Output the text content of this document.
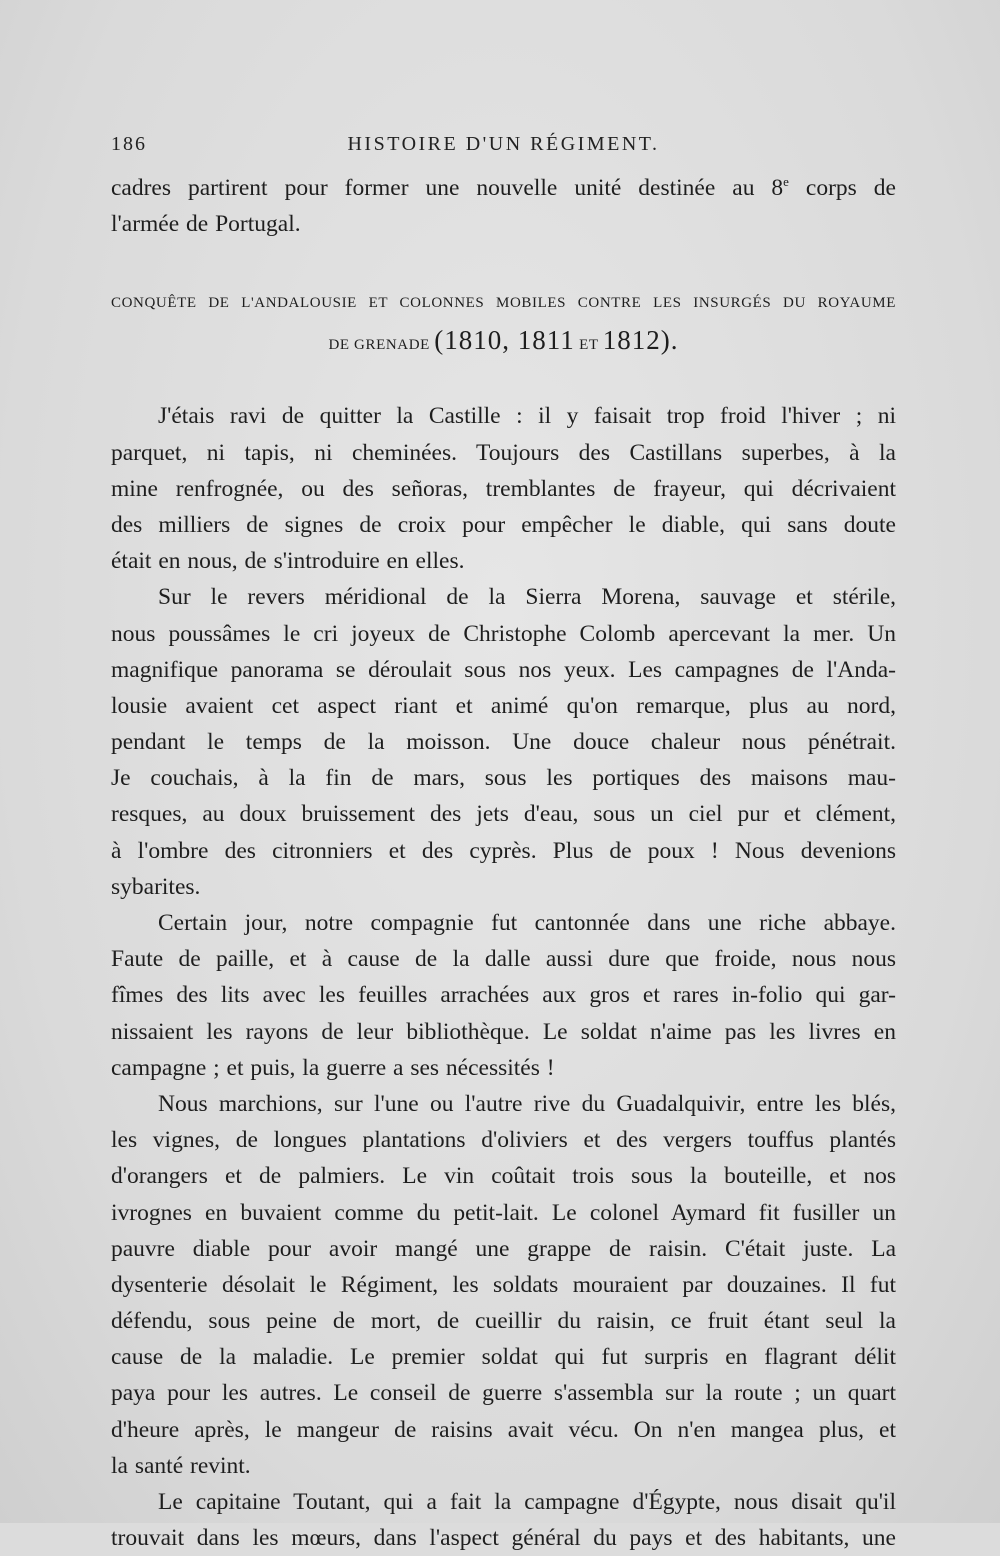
186	HISTOIRE D'UN RÉGIMENT.
cadres partirent pour former une nouvelle unité destinée au 8e corps de
l'armée de Portugal.
CONQUÊTE DE L'ANDALOUSIE ET COLONNES MOBILES CONTRE LES INSURGÉS DU ROYAUME
DE GRENADE (1810, 1811 ET 1812).
J'étais ravi de quitter la Castille : il y faisait trop froid l'hiver ; ni
parquet, ni tapis, ni cheminées. Toujours des Castillans superbes, à la
mine renfrognée, ou des señoras, tremblantes de frayeur, qui décrivaient
des milliers de signes de croix pour empêcher le diable, qui sans doute
était en nous, de s'introduire en elles.
Sur le revers méridional de la Sierra Morena, sauvage et stérile,
nous poussâmes le cri joyeux de Christophe Colomb apercevant la mer. Un
magnifique panorama se déroulait sous nos yeux. Les campagnes de l'Anda-
lousie avaient cet aspect riant et animé qu'on remarque, plus au nord,
pendant le temps de la moisson. Une douce chaleur nous pénétrait.
Je couchais, à la fin de mars, sous les portiques des maisons mau-
resques, au doux bruissement des jets d'eau, sous un ciel pur et clément,
à l'ombre des citronniers et des cyprès. Plus de poux ! Nous devenions
sybarites.
Certain jour, notre compagnie fut cantonnée dans une riche abbaye.
Faute de paille, et à cause de la dalle aussi dure que froide, nous nous
fîmes des lits avec les feuilles arrachées aux gros et rares in-folio qui gar-
nissaient les rayons de leur bibliothèque. Le soldat n'aime pas les livres en
campagne ; et puis, la guerre a ses nécessités !
Nous marchions, sur l'une ou l'autre rive du Guadalquivir, entre les blés,
les vignes, de longues plantations d'oliviers et des vergers touffus plantés
d'orangers et de palmiers. Le vin coûtait trois sous la bouteille, et nos
ivrognes en buvaient comme du petit-lait. Le colonel Aymard fit fusiller un
pauvre diable pour avoir mangé une grappe de raisin. C'était juste. La
dysenterie désolait le Régiment, les soldats mouraient par douzaines. Il fut
défendu, sous peine de mort, de cueillir du raisin, ce fruit étant seul la
cause de la maladie. Le premier soldat qui fut surpris en flagrant délit
paya pour les autres. Le conseil de guerre s'assembla sur la route ; un quart
d'heure après, le mangeur de raisins avait vécu. On n'en mangea plus, et
la santé revint.
Le capitaine Toutant, qui a fait la campagne d'Égypte, nous disait qu'il
trouvait dans les mœurs, dans l'aspect général du pays et des habitants, une
